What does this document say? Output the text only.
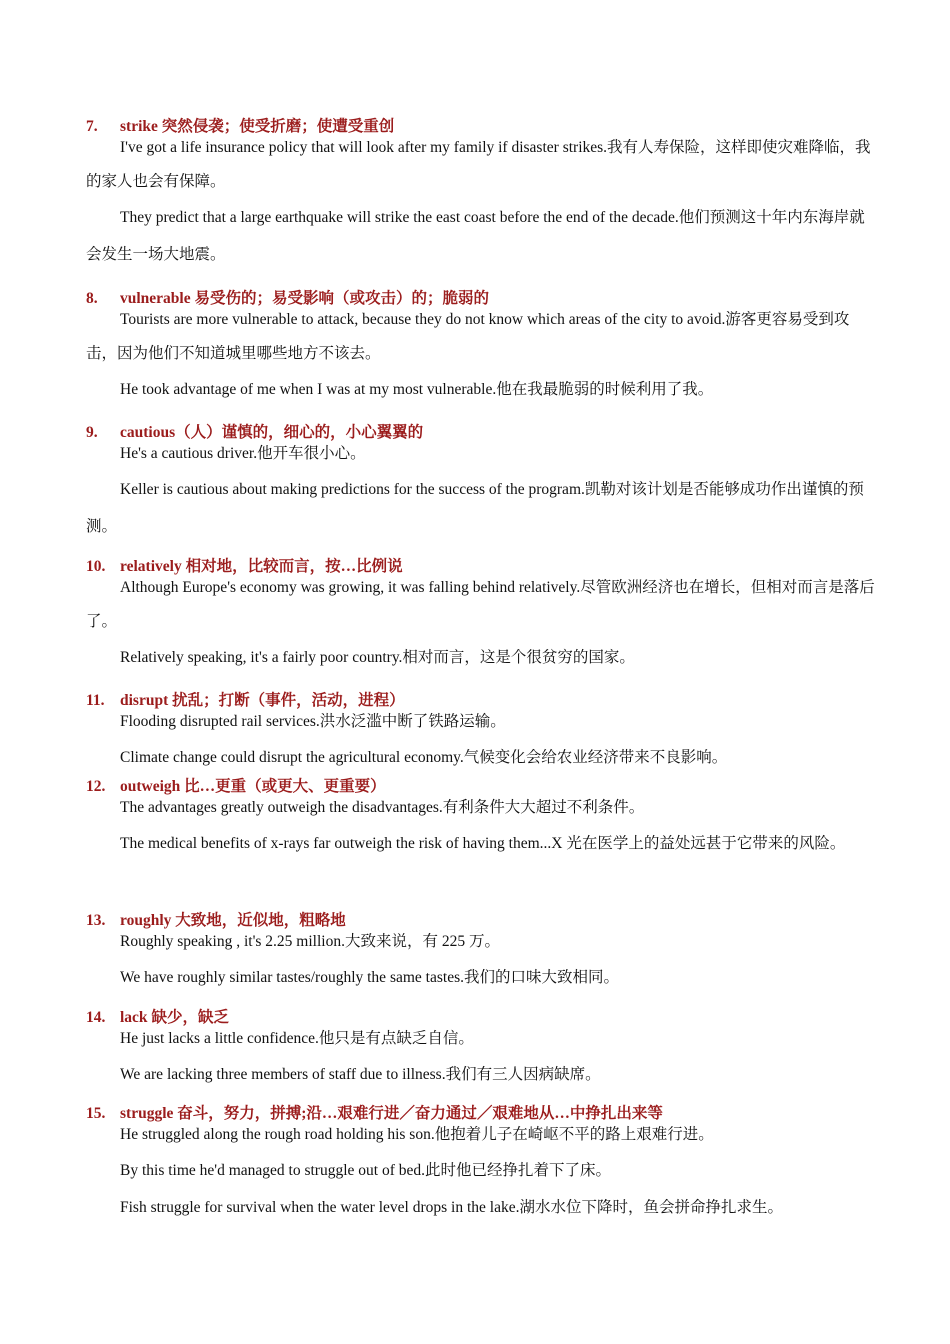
7. strike 突然侵袭；使受折磨；使遭受重创

I've got a life insurance policy that will look after my family if disaster strikes.我有人寿保险，这样即使灾难降临，我的家人也会有保障。

They predict that a large earthquake will strike the east coast before the end of the decade.他们预测这十年内东海岸就会发生一场大地震。

8. vulnerable 易受伤的；易受影响（或攻击）的；脆弱的

Tourists are more vulnerable to attack, because they do not know which areas of the city to avoid.游客更容易受到攻击，因为他们不知道城里哪些地方不该去。

He took advantage of me when I was at my most vulnerable.他在我最脆弱的时候利用了我。

9. cautious（人）谨慎的，细心的，小心翼翼的

He's a cautious driver.他开车很小心。

Keller is cautious about making predictions for the success of the program.凯勒对该计划是否能够成功作出谨慎的预测。

10. relatively 相对地，比较而言，按…比例说

Although Europe's economy was growing, it was falling behind relatively.尽管欧洲经济也在增长，但相对而言是落后了。

Relatively speaking, it's a fairly poor country.相对而言，这是个很贫穷的国家。

11. disrupt 扰乱；打断（事件，活动，进程）

Flooding disrupted rail services.洪水泛滥中断了铁路运输。

Climate change could disrupt the agricultural economy.气候变化会给农业经济带来不良影响。

12. outweigh 比…更重（或更大、更重要）

The advantages greatly outweigh the disadvantages.有利条件大大超过不利条件。

The medical benefits of x-rays far outweigh the risk of having them...X 光在医学上的益处远甚于它带来的风险。

13. roughly 大致地，近似地，粗略地

Roughly speaking , it's 2.25 million.大致来说，有 225 万。

We have roughly similar tastes/roughly the same tastes.我们的口味大致相同。

14. lack 缺少，缺乏

He just lacks a little confidence.他只是有点缺乏自信。

We are lacking three members of staff due to illness.我们有三人因病缺席。

15. struggle 奋斗，努力，拼搏;沿…艰难行进／奋力通过／艰难地从…中挣扎出来等

He struggled along the rough road holding his son.他抱着儿子在崎岖不平的路上艰难行进。

By this time he'd managed to struggle out of bed.此时他已经挣扎着下了床。

Fish struggle for survival when the water level drops in the lake.湖水水位下降时，鱼会拼命挣扎求生。
